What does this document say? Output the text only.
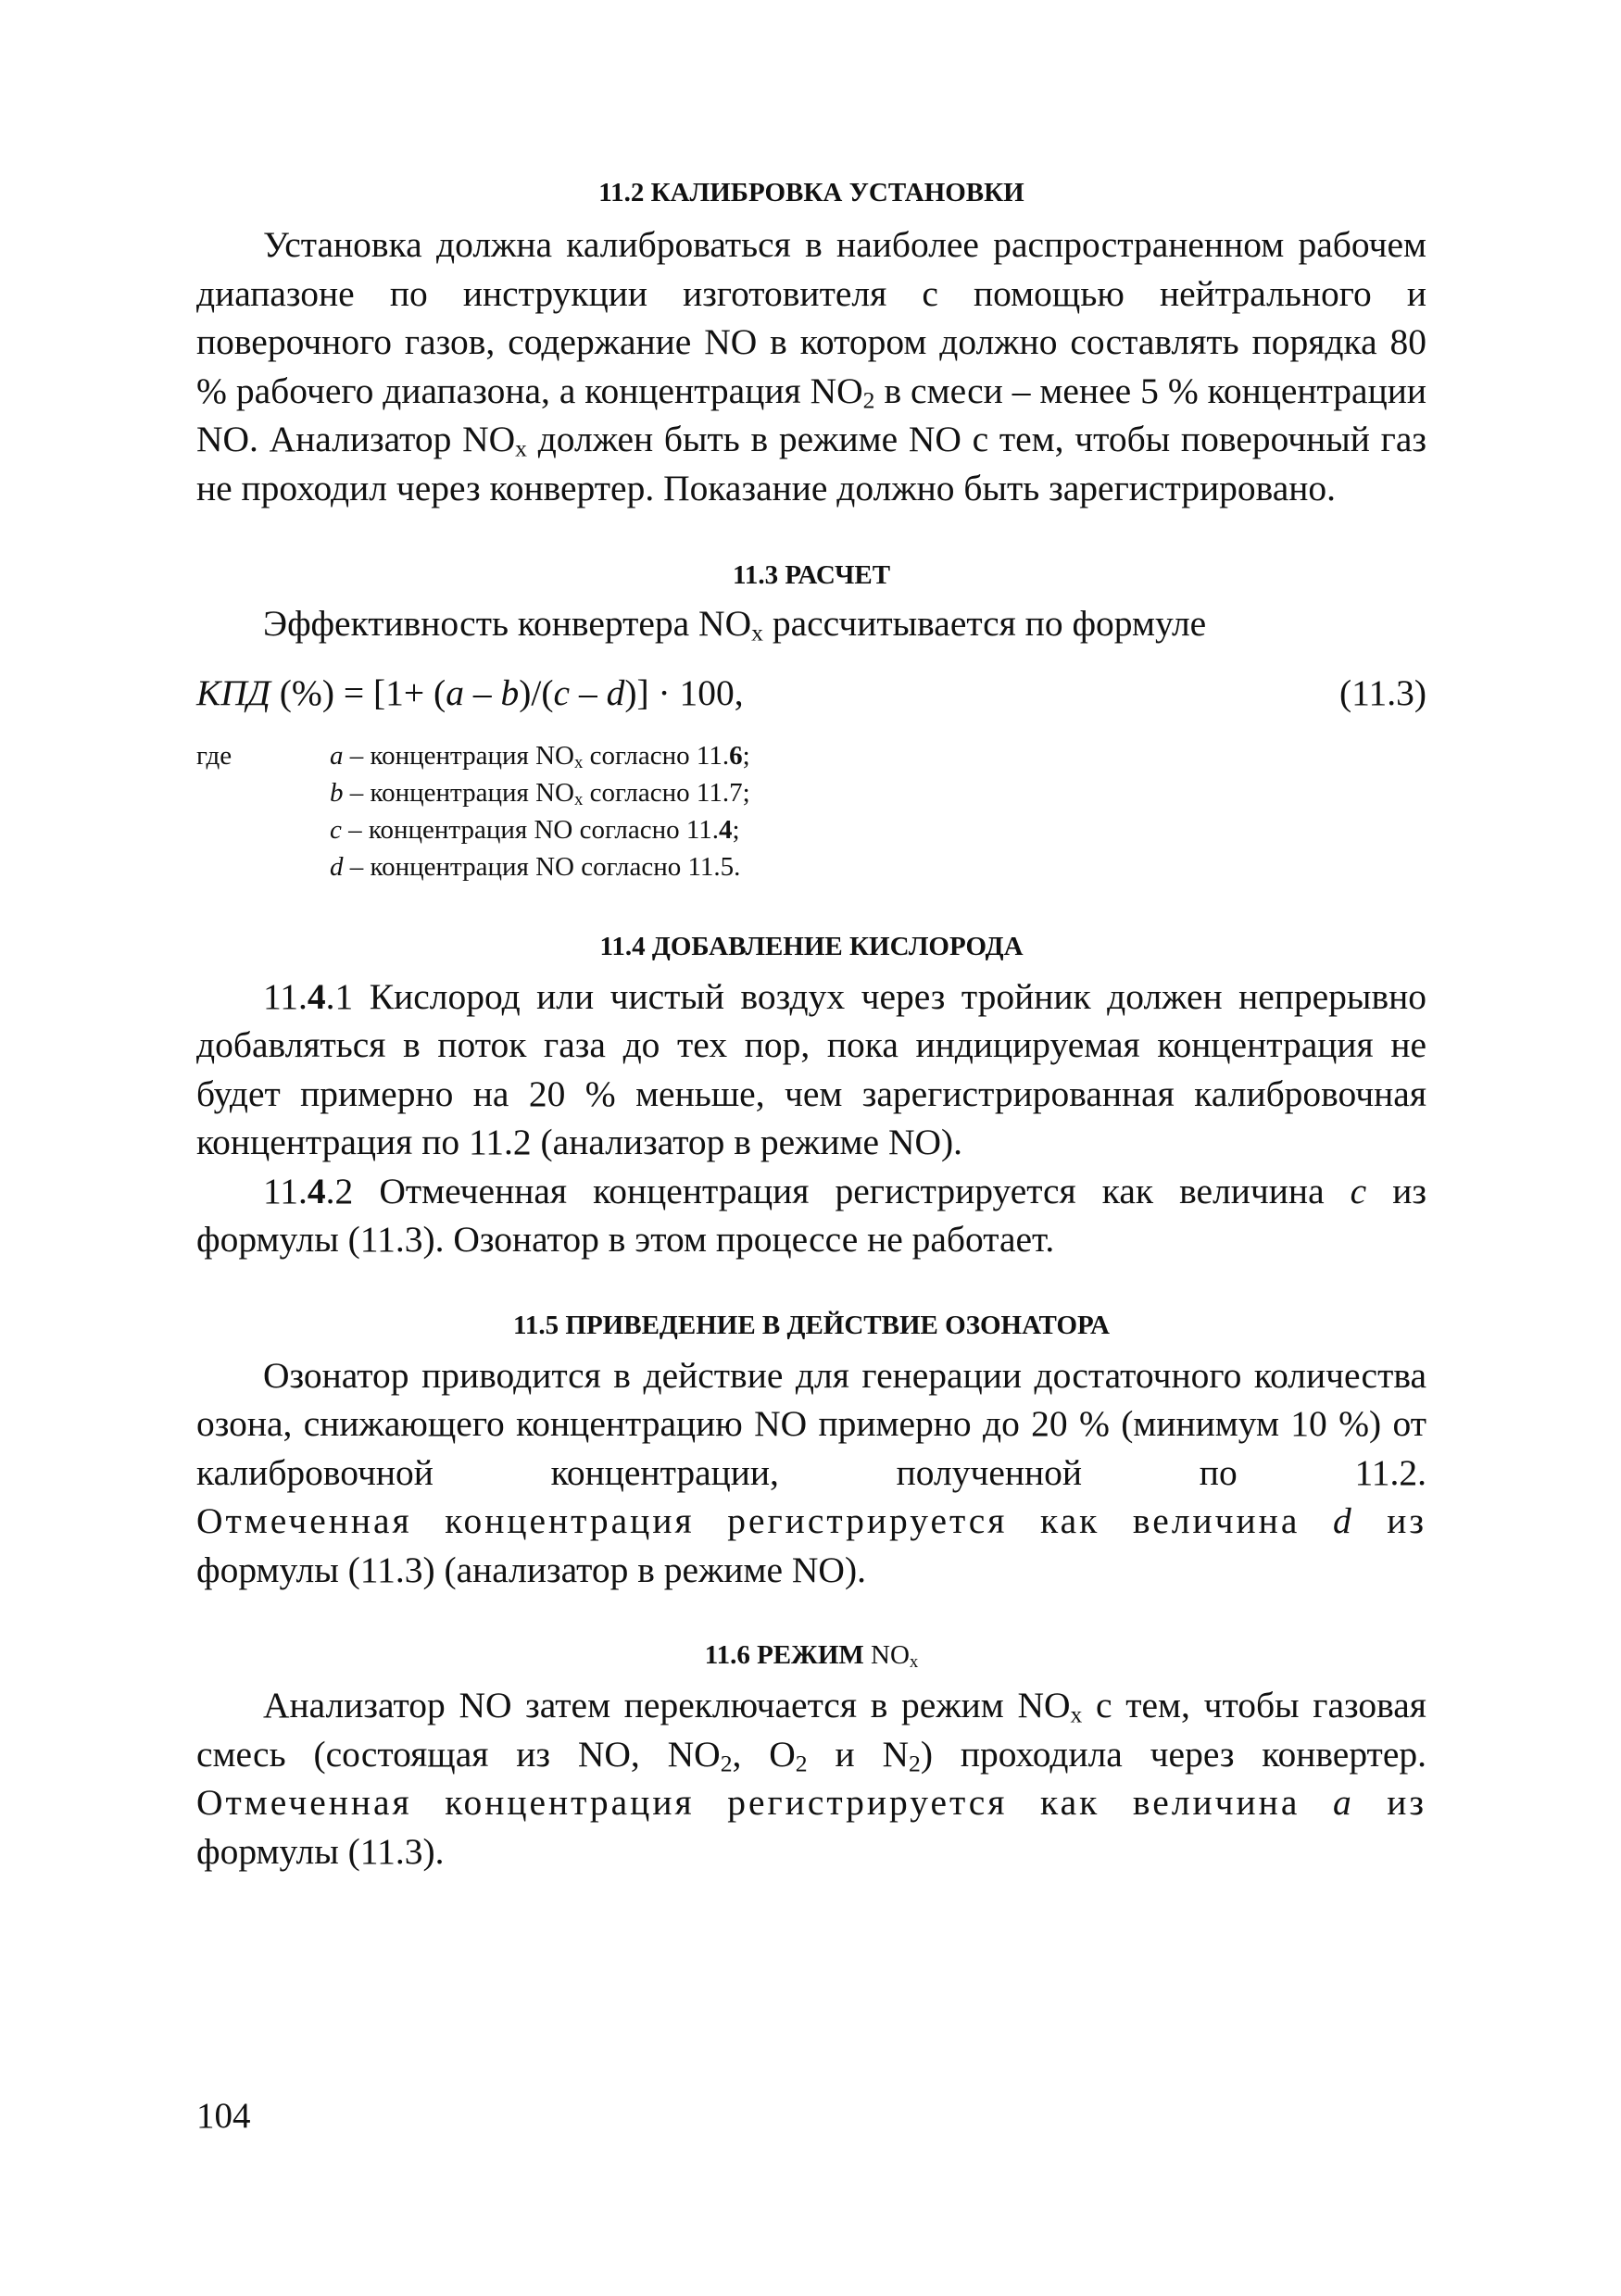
11.2 КАЛИБРОВКА УСТАНОВКИ

Установка должна калиброваться в наиболее распространенном рабочем диапазоне по инструкции изготовителя с помощью нейтрального и поверочного газов, содержание NO в котором должно составлять порядка 80 % рабочего диапазона, а концентрация $NO_2$ в смеси – менее 5 % концентрации NO. Анализатор $NO_x$ должен быть в режиме NO с тем, чтобы поверочный газ не проходил через конвертер. Показание должно быть зарегистрировано.

11.3 РАСЧЕТ

Эффективность конвертера $NO_x$ рассчитывается по формуле

КПД (%) = [1+ (a – b)/(c – d)] · 100,	(11.3)
где	a – концентрация $NO_x$ согласно 11.6;
b – концентрация $NO_x$ согласно 11.7;
c – концентрация NO согласно 11.4;
d – концентрация NO согласно 11.5.

11.4 ДОБАВЛЕНИЕ КИСЛОРОДА

11.4.1 Кислород или чистый воздух через тройник должен непрерывно добавляться в поток газа до тех пор, пока индицируемая концентрация не будет примерно на 20 % меньше, чем зарегистрированная калибровочная концентрация по 11.2 (анализатор в режиме NO).

11.4.2 Отмеченная концентрация регистрируется как величина c из формулы (11.3). Озонатор в этом процессе не работает.

11.5 ПРИВЕДЕНИЕ В ДЕЙСТВИЕ ОЗОНАТОРА

Озонатор приводится в действие для генерации достаточного количества озона, снижающего концентрацию NO примерно до 20 % (минимум 10 %) от калибровочной концентрации, полученной по 11.2.

Отмеченная концентрация регистрируется как величина d из

формулы (11.3) (анализатор в режиме NO).

11.6 РЕЖИМ $NO_x$

Анализатор NO затем переключается в режим $NO_x$ с тем, чтобы газовая смесь (состоящая из NO, $NO_2$, $O_2$ и $N_2$) проходила через конвертер.

Отмеченная концентрация регистрируется как величина a из

формулы (11.3).

104
